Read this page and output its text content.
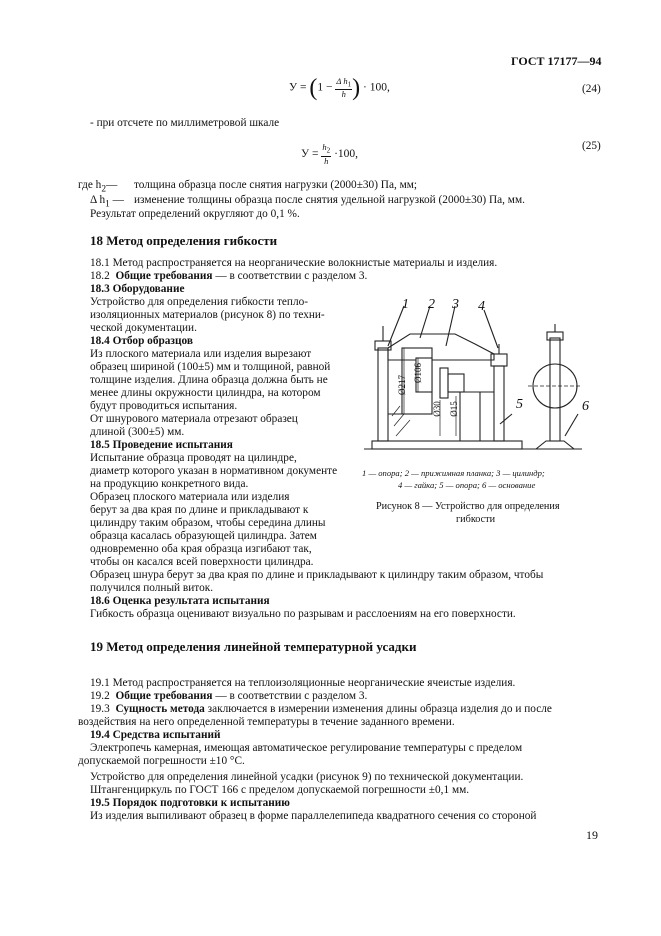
ГОСТ 17177—94
$У = (1 - \frac{\Delta h_1}{h}$ ) · 100,	(24)
- при отсчете по миллиметровой шкале
$У = \frac{h_2}{h} \cdot 100$,
(25)
где $h_2—$ толщина образца после снятия нагрузки (2000±30) Па, мм;
Δ $h_1$ — изменение толщины образца после снятия удельной нагрузкой (2000±30) Па, мм.
Результат определений округляют до 0,1 %.
18 Метод определения гибкости
18.1 Метод распространяется на неорганические волокнистые материалы и изделия.
18.2 Общие требования — в соответствии с разделом 3.
18.3 Оборудование
Устройство для определения гибкости тепло-
изоляционных материалов (рисунок 8) по техни-
ческой документации.
18.4 Отбор образцов
Из плоского материала или изделия вырезают
образец шириной (100±5) мм и толщиной, равной
толщине изделия. Длина образца должна быть не
менее длины окружности цилиндра, на котором
будут проводиться испытания.
От шнурового материала отрезают образец
длиной (300±5) мм.
18.5 Проведение испытания
Испытание образца проводят на цилиндре,
диаметр которого указан в нормативном документе
на продукцию конкретного вида.
Образец плоского материала или изделия
берут за два края по длине и прикладывают к
цилиндру таким образом, чтобы середина длины
образца касалась образующей цилиндра. Затем
одновременно оба края образца изгибают так,
чтобы он касался всей поверхности цилиндра.
Образец шнура берут за два края по длине и прикладывают к цилиндру таким образом, чтобы
получился полный виток.
18.6 Оценка результата испытания
Гибкость образца оценивают визуально по разрывам и расслоениям на его поверхности.
1 2 3 4
5	6
Ø217
Ø106
Ø30 Ø15
1 — опора; 2 — прижимная планка; 3 — цилиндр;
4 — гайка; 5 — опора; 6 — основание
Рисунок 8 — Устройство для определения
гибкости
19 Метод определения линейной температурной усадки
19.1 Метод распространяется на теплоизоляционные неорганические ячеистые изделия.
19.2 Общие требования — в соответствии с разделом 3.
19.3 Сущность метода заключается в измерении изменения длины образца изделия до и после
воздействия на него определенной температуры в течение заданного времени.
19.4 Средства испытаний
Электропечь камерная, имеющая автоматическое регулирование температуры с пределом
допускаемой погрешности ±10 °С.
Устройство для определения линейной усадки (рисунок 9) по технической документации.
Штангенциркуль по ГОСТ 166 с пределом допускаемой погрешности ±0,1 мм.
19.5 Порядок подготовки к испытанию
Из изделия выпиливают образец в форме параллелепипеда квадратного сечения со стороной
19
